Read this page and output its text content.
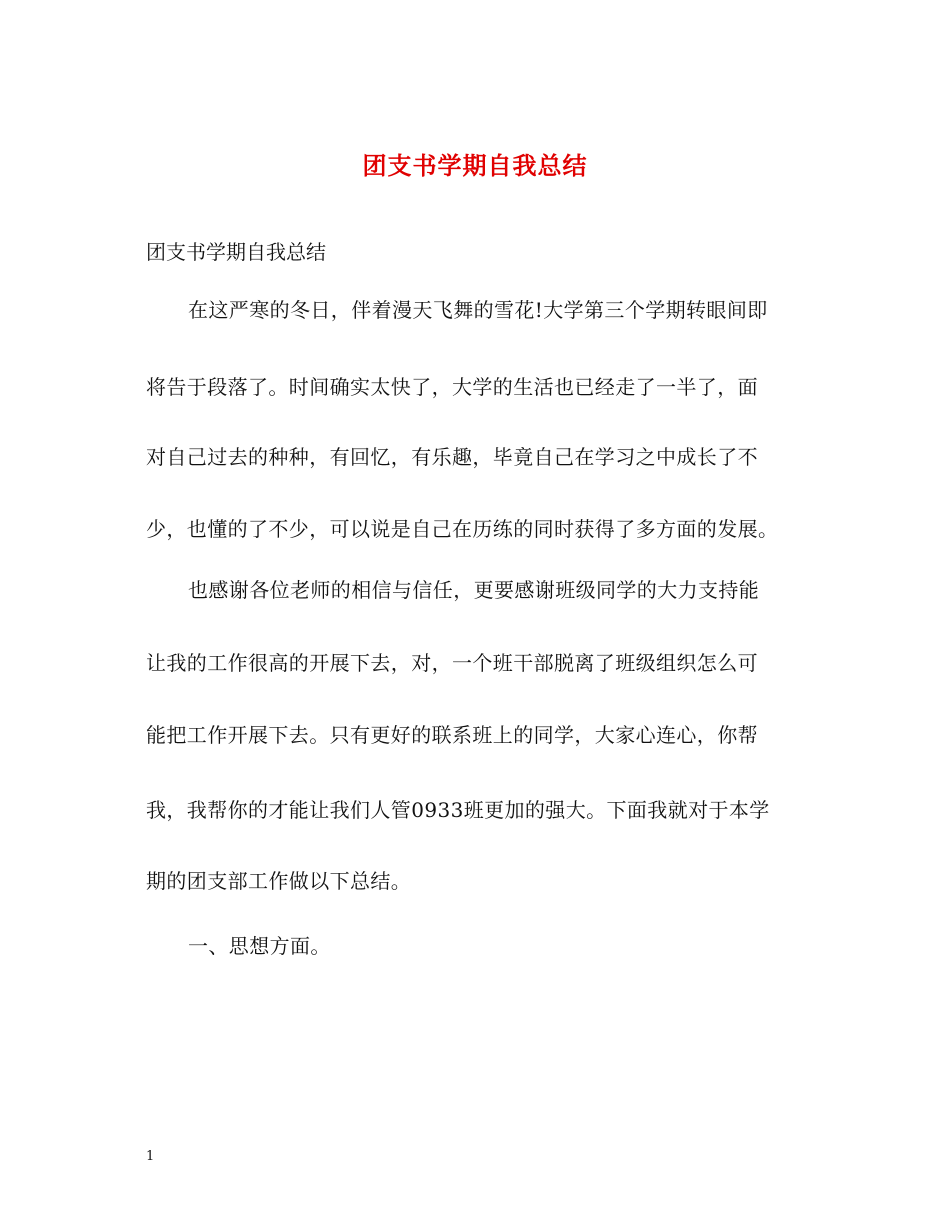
团支书学期自我总结

团支书学期自我总结

在这严寒的冬日，伴着漫天飞舞的雪花!大学第三个学期转眼间即

将告于段落了。时间确实太快了，大学的生活也已经走了一半了，面

对自己过去的种种，有回忆，有乐趣，毕竟自己在学习之中成长了不

少，也懂的了不少，可以说是自己在历练的同时获得了多方面的发展。

也感谢各位老师的相信与信任，更要感谢班级同学的大力支持能

让我的工作很高的开展下去，对，一个班干部脱离了班级组织怎么可

能把工作开展下去。只有更好的联系班上的同学，大家心连心，你帮

我，我帮你的才能让我们人管0933班更加的强大。下面我就对于本学

期的团支部工作做以下总结。

一、思想方面。

1
